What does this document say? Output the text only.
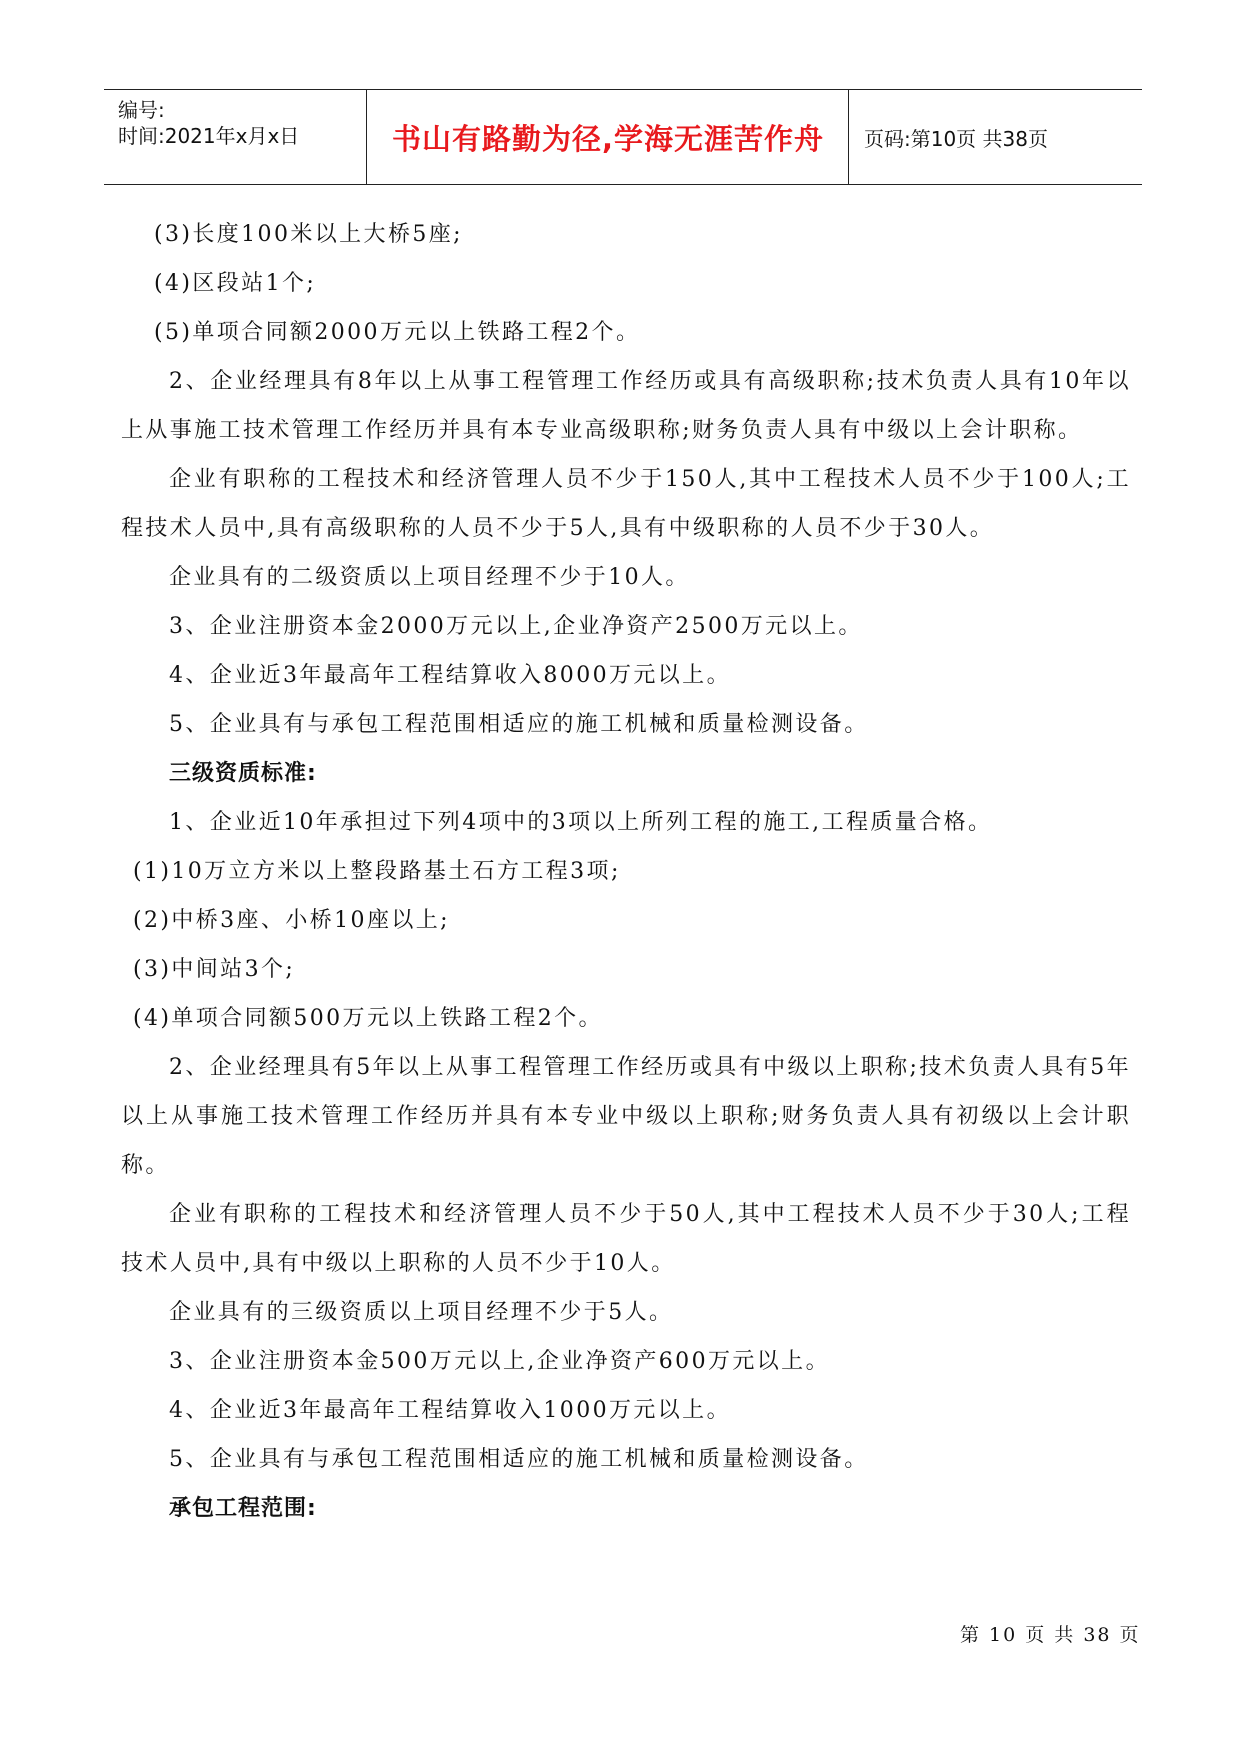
编号:
时间:2021年x月x日	书山有路勤为径,学海无涯苦作舟	页码:第10页 共38页

(3)长度100米以上大桥5座;

(4)区段站1个;

(5)单项合同额2000万元以上铁路工程2个。

2、企业经理具有8年以上从事工程管理工作经历或具有高级职称;技术负责人具有10年以上从事施工技术管理工作经历并具有本专业高级职称;财务负责人具有中级以上会计职称。

企业有职称的工程技术和经济管理人员不少于150人,其中工程技术人员不少于100人;工程技术人员中,具有高级职称的人员不少于5人,具有中级职称的人员不少于30人。

企业具有的二级资质以上项目经理不少于10人。

3、企业注册资本金2000万元以上,企业净资产2500万元以上。

4、企业近3年最高年工程结算收入8000万元以上。

5、企业具有与承包工程范围相适应的施工机械和质量检测设备。

三级资质标准:

1、企业近10年承担过下列4项中的3项以上所列工程的施工,工程质量合格。

(1)10万立方米以上整段路基土石方工程3项;

(2)中桥3座、小桥10座以上;

(3)中间站3个;

(4)单项合同额500万元以上铁路工程2个。

2、企业经理具有5年以上从事工程管理工作经历或具有中级以上职称;技术负责人具有5年以上从事施工技术管理工作经历并具有本专业中级以上职称;财务负责人具有初级以上会计职称。

企业有职称的工程技术和经济管理人员不少于50人,其中工程技术人员不少于30人;工程技术人员中,具有中级以上职称的人员不少于10人。

企业具有的三级资质以上项目经理不少于5人。

3、企业注册资本金500万元以上,企业净资产600万元以上。

4、企业近3年最高年工程结算收入1000万元以上。

5、企业具有与承包工程范围相适应的施工机械和质量检测设备。

承包工程范围:

第 10 页 共 38 页
